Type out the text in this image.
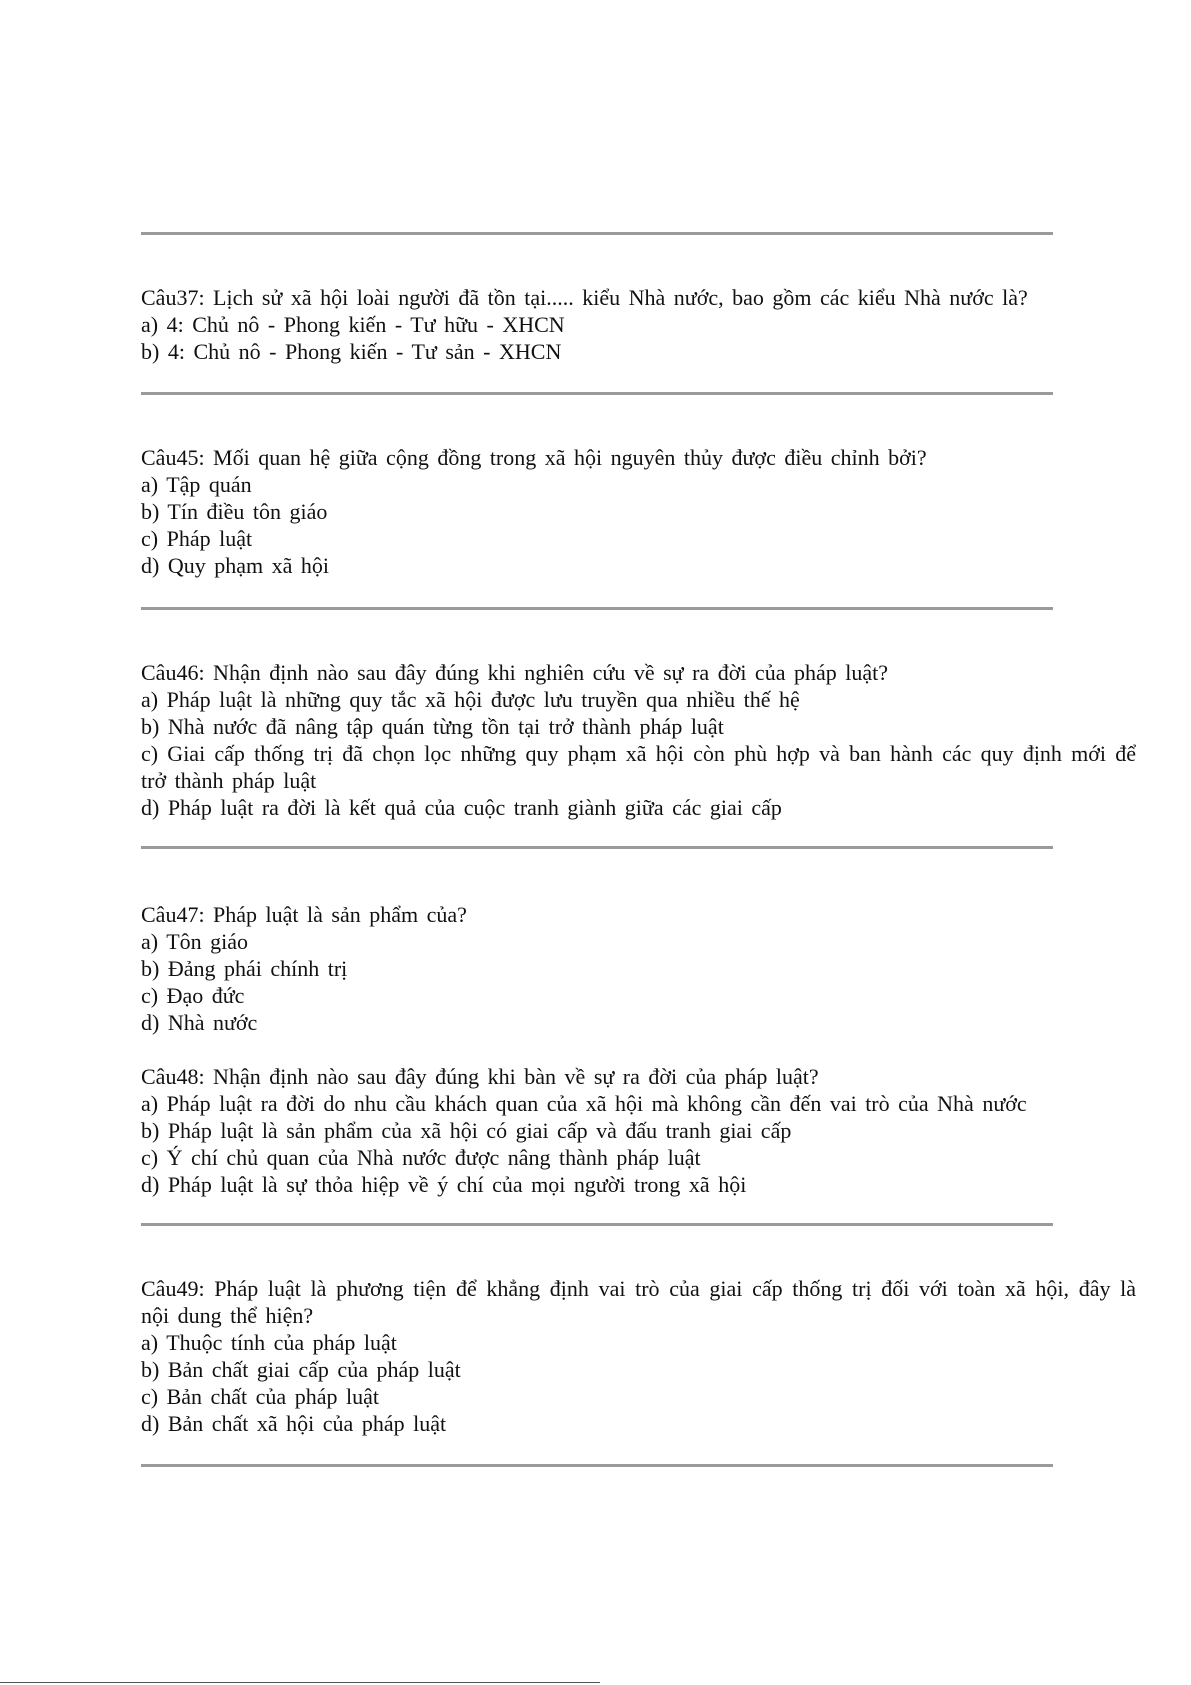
Câu37: Lịch sử xã hội loài người đã tồn tại..... kiểu Nhà nước, bao gồm các kiểu Nhà nước là?
a) 4: Chủ nô - Phong kiến - Tư hữu - XHCN
b) 4: Chủ nô - Phong kiến - Tư sản - XHCN
Câu45: Mối quan hệ giữa cộng đồng trong xã hội nguyên thủy được điều chỉnh bởi?
a) Tập quán
b) Tín điều tôn giáo
c) Pháp luật
d) Quy phạm xã hội
Câu46: Nhận định nào sau đây đúng khi nghiên cứu về sự ra đời của pháp luật?
a) Pháp luật là những quy tắc xã hội được lưu truyền qua nhiều thế hệ
b) Nhà nước đã nâng tập quán từng tồn tại trở thành pháp luật
c) Giai cấp thống trị đã chọn lọc những quy phạm xã hội còn phù hợp và ban hành các quy định mới để trở thành pháp luật
d) Pháp luật ra đời là kết quả của cuộc tranh giành giữa các giai cấp
Câu47: Pháp luật là sản phẩm của?
a) Tôn giáo
b) Đảng phái chính trị
c) Đạo đức
d) Nhà nước
Câu48: Nhận định nào sau đây đúng khi bàn về sự ra đời của pháp luật?
a) Pháp luật ra đời do nhu cầu khách quan của xã hội mà không cần đến vai trò của Nhà nước
b) Pháp luật là sản phẩm của xã hội có giai cấp và đấu tranh giai cấp
c) Ý chí chủ quan của Nhà nước được nâng thành pháp luật
d) Pháp luật là sự thỏa hiệp về ý chí của mọi người trong xã hội
Câu49: Pháp luật là phương tiện để khẳng định vai trò của giai cấp thống trị đối với toàn xã hội, đây là nội dung thể hiện?
a) Thuộc tính của pháp luật
b) Bản chất giai cấp của pháp luật
c) Bản chất của pháp luật
d) Bản chất xã hội của pháp luật
